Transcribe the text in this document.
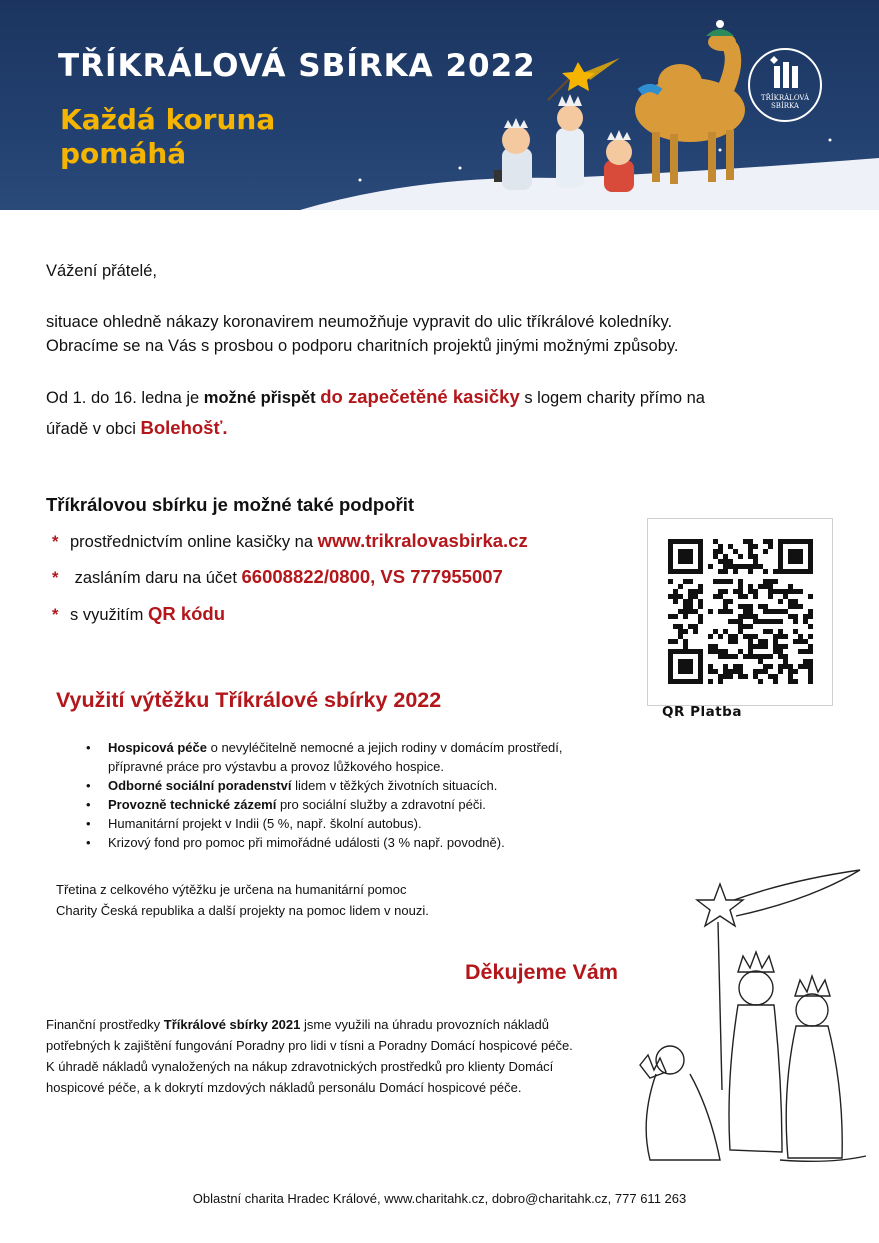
TŘÍKRÁLOVÁ SBÍRKA 2022
Každá koruna
pomáhá
TŘÍKRÁLOVÁ
SBÍRKA
Vážení přátelé,
situace ohledně nákazy koronavirem neumožňuje vypravit do ulic tříkrálové koledníky.
Obracíme se na Vás s prosbou o podporu charitních projektů jinými možnými způsoby.
Od 1. do 16. ledna je možné přispět do zapečetěné kasičky s logem charity přímo na
úřadě v obci Bolehošť.
Tříkrálovou sbírku je možné také podpořit
* prostřednictvím online kasičky na www.trikralovasbirka.cz
* zasláním daru na účet 66008822/0800, VS 777955007
* s využitím QR kódu
QR Platba
Využití výtěžku Tříkrálové sbírky 2022
• Hospicová péče o nevyléčitelně nemocné a jejich rodiny v domácím prostředí,
přípravné práce pro výstavbu a provoz lůžkového hospice.
• Odborné sociální poradenství lidem v těžkých životních situacích.
• Provozně technické zázemí pro sociální služby a zdravotní péči.
• Humanitární projekt v Indii (5 %, např. školní autobus).
• Krizový fond pro pomoc při mimořádné události (3 % např. povodně).
Třetina z celkového výtěžku je určena na humanitární pomoc
Charity Česká republika a další projekty na pomoc lidem v nouzi.
Děkujeme Vám
Finanční prostředky Tříkrálové sbírky 2021 jsme využili na úhradu provozních nákladů
potřebných k zajištění fungování Poradny pro lidi v tísni a Poradny Domácí hospicové péče.
K úhradě nákladů vynaložených na nákup zdravotnických prostředků pro klienty Domácí
hospicové péče, a k dokrytí mzdových nákladů personálu Domácí hospicové péče.
Oblastní charita Hradec Králové, www.charitahk.cz, dobro@charitahk.cz, 777 611 263
